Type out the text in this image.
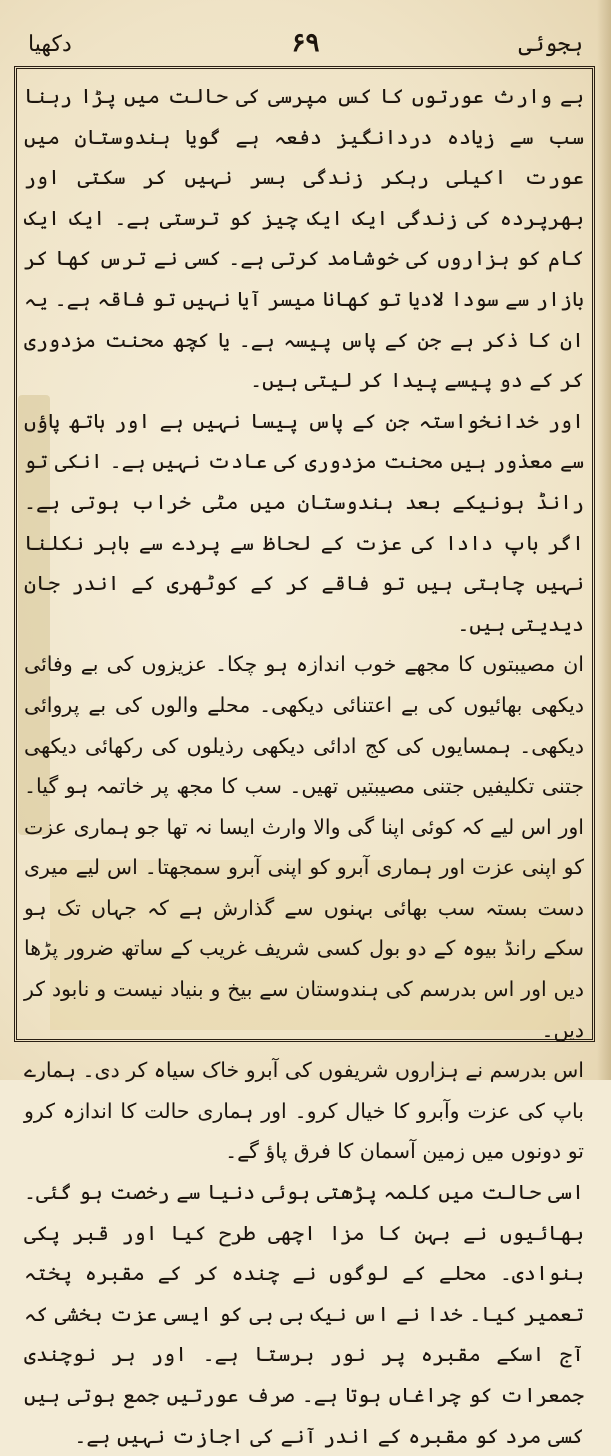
ہجوئی
۶۹
دکھیا

بے وارث عورتوں کا کس مپرسی کی حالت میں پڑا رہنا سب سے زیادہ دردانگیز دفعہ ہے گویا ہندوستان میں عورت اکیلی رہکر زندگی بسر نہیں کر سکتی اور بھرپردہ کی زندگی ایک ایک چیز کو ترستی ہے۔ ایک ایک کام کو ہزاروں کی خوشامد کرتی ہے۔ کسی نے ترس کھا کر بازار سے سودا لادیا تو کھانا میسر آیا نہیں تو فاقہ ہے۔ یہ ان کا ذکر ہے جن کے پاس پیسہ ہے۔ یا کچھ محنت مزدوری کر کے دو پیسے پیدا کر لیتی ہیں۔

اور خدانخواستہ جن کے پاس پیسا نہیں ہے اور ہاتھ پاؤں سے معذور ہیں محنت مزدوری کی عادت نہیں ہے۔ انکی تو رانڈ ہونیکے بعد ہندوستان میں مٹی خراب ہوتی ہے۔ اگر باپ دادا کی عزت کے لحاظ سے پردے سے باہر نکلنا نہیں چاہتی ہیں تو فاقے کر کے کوٹھری کے اندر جان دیدیتی ہیں۔

ان مصیبتوں کا مجھے خوب اندازہ ہو چکا۔ عزیزوں کی بے وفائی دیکھی بھائیوں کی بے اعتنائی دیکھی۔ محلے والوں کی بے پروائی دیکھی۔ ہمسایوں کی کج ادائی دیکھی رذیلوں کی رکھائی دیکھی جتنی تکلیفیں جتنی مصیبتیں تھیں۔ سب کا مجھ پر خاتمہ ہو گیا۔ اور اس لیے کہ کوئی اپنا گی والا وارث ایسا نہ تھا جو ہماری عزت کو اپنی عزت اور ہماری آبرو کو اپنی آبرو سمجھتا۔ اس لیے میری دست بستہ سب بھائی بہنوں سے گذارش ہے کہ جہاں تک ہو سکے رانڈ بیوہ کے دو بول کسی شریف غریب کے ساتھ ضرور پڑھا دیں اور اس بدرسم کی ہندوستان سے بیخ و بنیاد نیست و نابود کر دیں۔

اس بدرسم نے ہزاروں شریفوں کی آبرو خاک سیاہ کر دی۔ ہمارے باپ کی عزت وآبرو کا خیال کرو۔ اور ہماری حالت کا اندازہ کرو تو دونوں میں زمین آسمان کا فرق پاؤ گے۔

اسی حالت میں کلمہ پڑھتی ہوئی دنیا سے رخصت ہو گئی۔ بھائیوں نے بہن کا مزا اچھی طرح کیا اور قبر پکی بنوادی۔ محلے کے لوگوں نے چندہ کر کے مقبرہ پختہ تعمیر کیا۔ خدا نے اس نیک بی بی کو ایسی عزت بخشی کہ آج اسکے مقبرہ پر نور برستا ہے۔ اور ہر نوچندی جمعرات کو چراغاں ہوتا ہے۔ صرف عورتیں جمع ہوتی ہیں کسی مرد کو مقبرہ کے اندر آنے کی اجازت نہیں ہے۔
